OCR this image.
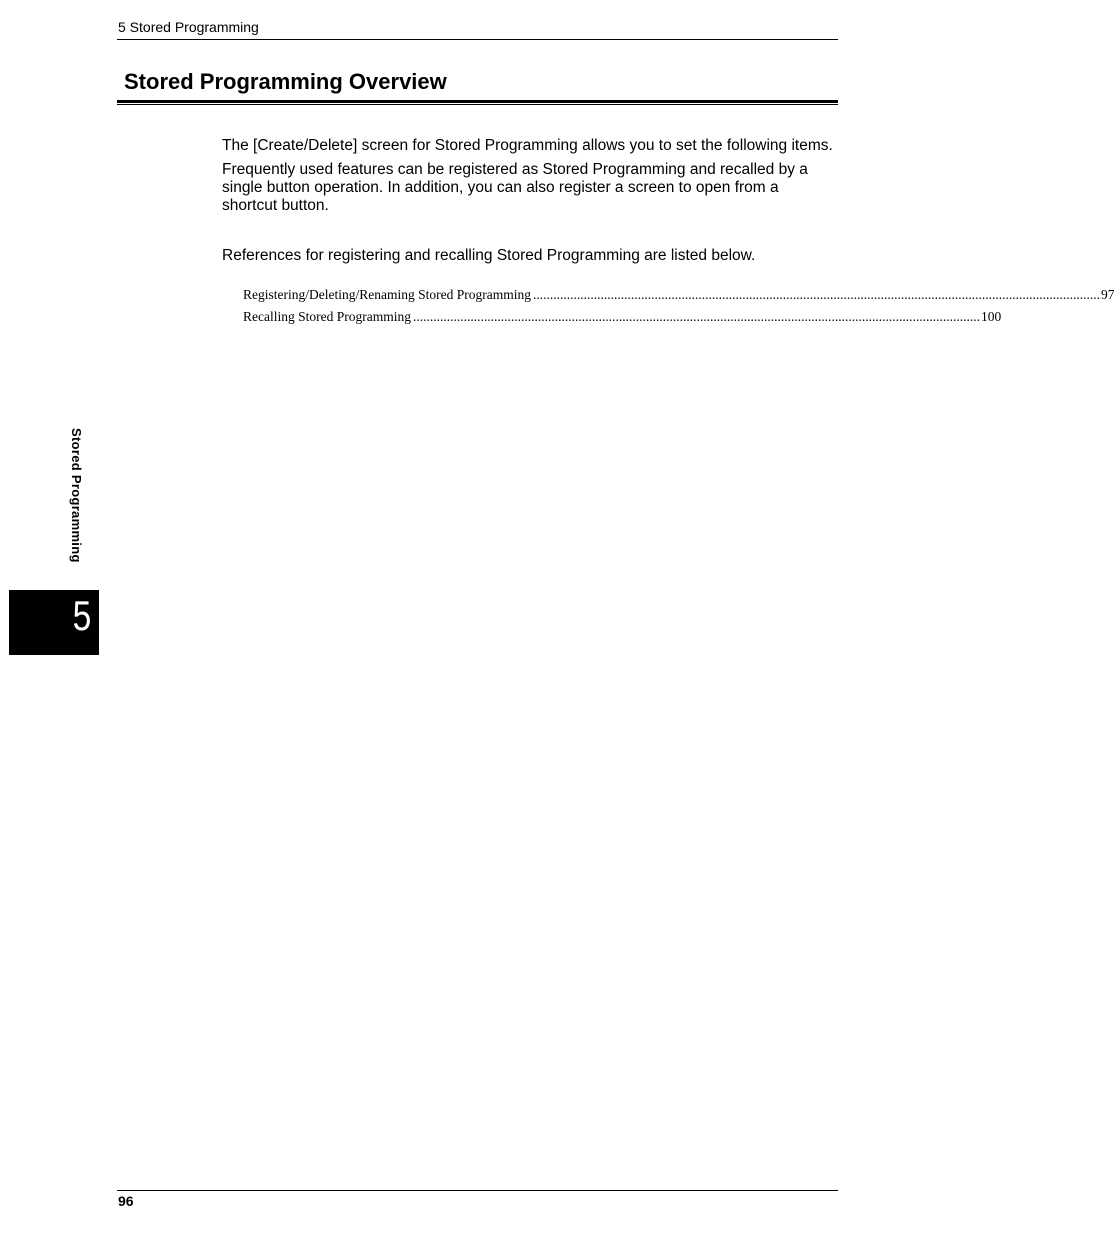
5 Stored Programming
Stored Programming Overview

The [Create/Delete] screen for Stored Programming allows you to set the following items.

Frequently used features can be registered as Stored Programming and recalled by a single button operation. In addition, you can also register a screen to open from a shortcut button.

References for registering and recalling Stored Programming are listed below.

Registering/Deleting/Renaming Stored Programming ........................................................................................................................................................................ 97
Recalling Stored Programming ........................................................................................................................................................................ 100
Stored Programming
5
96
